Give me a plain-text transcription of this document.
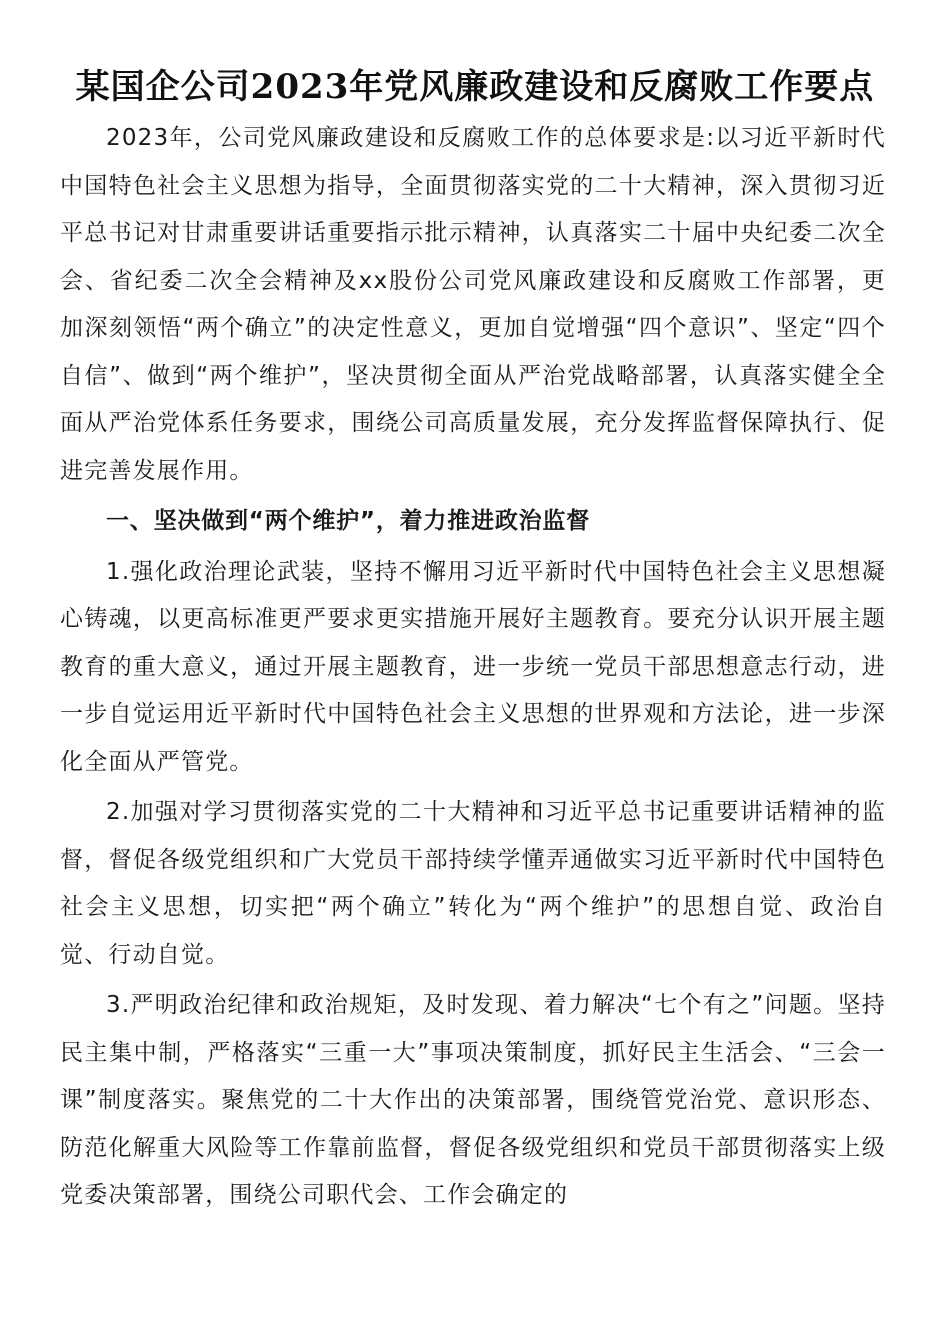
某国企公司2023年党风廉政建设和反腐败工作要点

2023年，公司党风廉政建设和反腐败工作的总体要求是:以习近平新时代中国特色社会主义思想为指导，全面贯彻落实党的二十大精神，深入贯彻习近平总书记对甘肃重要讲话重要指示批示精神，认真落实二十届中央纪委二次全会、省纪委二次全会精神及xx股份公司党风廉政建设和反腐败工作部署，更加深刻领悟“两个确立”的决定性意义，更加自觉增强“四个意识”、坚定“四个自信”、做到“两个维护”，坚决贯彻全面从严治党战略部署，认真落实健全全面从严治党体系任务要求，围绕公司高质量发展，充分发挥监督保障执行、促进完善发展作用。

一、坚决做到“两个维护”，着力推进政治监督

1.强化政治理论武装，坚持不懈用习近平新时代中国特色社会主义思想凝心铸魂，以更高标准更严要求更实措施开展好主题教育。要充分认识开展主题教育的重大意义，通过开展主题教育，进一步统一党员干部思想意志行动，进一步自觉运用近平新时代中国特色社会主义思想的世界观和方法论，进一步深化全面从严管党。

2.加强对学习贯彻落实党的二十大精神和习近平总书记重要讲话精神的监督，督促各级党组织和广大党员干部持续学懂弄通做实习近平新时代中国特色社会主义思想，切实把“两个确立”转化为“两个维护”的思想自觉、政治自觉、行动自觉。

3.严明政治纪律和政治规矩，及时发现、着力解决“七个有之”问题。坚持民主集中制，严格落实“三重一大”事项决策制度，抓好民主生活会、“三会一课”制度落实。聚焦党的二十大作出的决策部署，围绕管党治党、意识形态、防范化解重大风险等工作靠前监督，督促各级党组织和党员干部贯彻落实上级党委决策部署，围绕公司职代会、工作会确定的
